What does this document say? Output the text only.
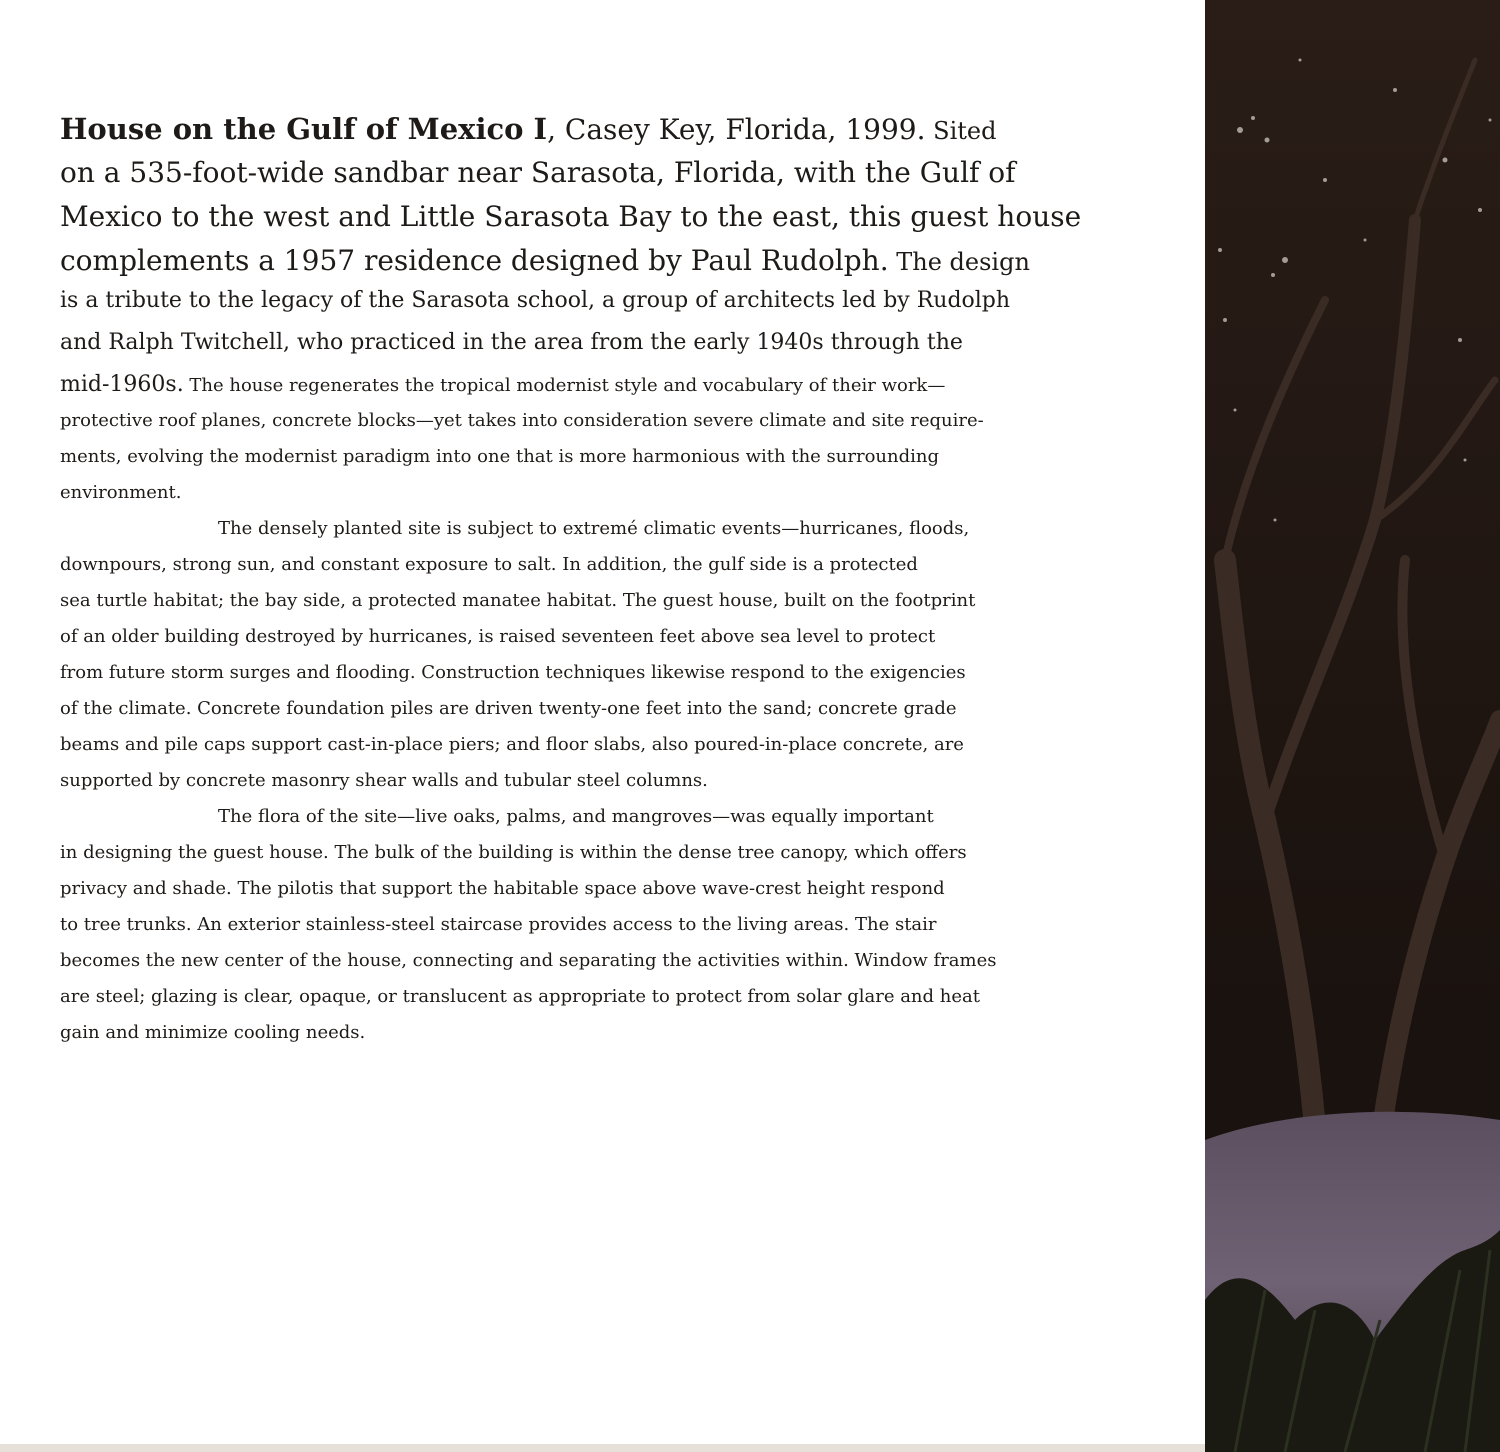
House on the Gulf of Mexico I, Casey Key, Florida, 1999. Sited
on a 535-foot-wide sandbar near Sarasota, Florida, with the Gulf of
Mexico to the west and Little Sarasota Bay to the east, this guest house
complements a 1957 residence designed by Paul Rudolph. The design
is a tribute to the legacy of the Sarasota school, a group of architects led by Rudolph
and Ralph Twitchell, who practiced in the area from the early 1940s through the
mid-1960s. The house regenerates the tropical modernist style and vocabulary of their work—
protective roof planes, concrete blocks—yet takes into consideration severe climate and site require-
ments, evolving the modernist paradigm into one that is more harmonious with the surrounding
environment.
The densely planted site is subject to extremé climatic events—hurricanes, floods,
downpours, strong sun, and constant exposure to salt. In addition, the gulf side is a protected
sea turtle habitat; the bay side, a protected manatee habitat. The guest house, built on the footprint
of an older building destroyed by hurricanes, is raised seventeen feet above sea level to protect
from future storm surges and flooding. Construction techniques likewise respond to the exigencies
of the climate. Concrete foundation piles are driven twenty-one feet into the sand; concrete grade
beams and pile caps support cast-in-place piers; and floor slabs, also poured-in-place concrete, are
supported by concrete masonry shear walls and tubular steel columns.
The flora of the site—live oaks, palms, and mangroves—was equally important
in designing the guest house. The bulk of the building is within the dense tree canopy, which offers
privacy and shade. The pilotis that support the habitable space above wave-crest height respond
to tree trunks. An exterior stainless-steel staircase provides access to the living areas. The stair
becomes the new center of the house, connecting and separating the activities within. Window frames
are steel; glazing is clear, opaque, or translucent as appropriate to protect from solar glare and heat
gain and minimize cooling needs.
